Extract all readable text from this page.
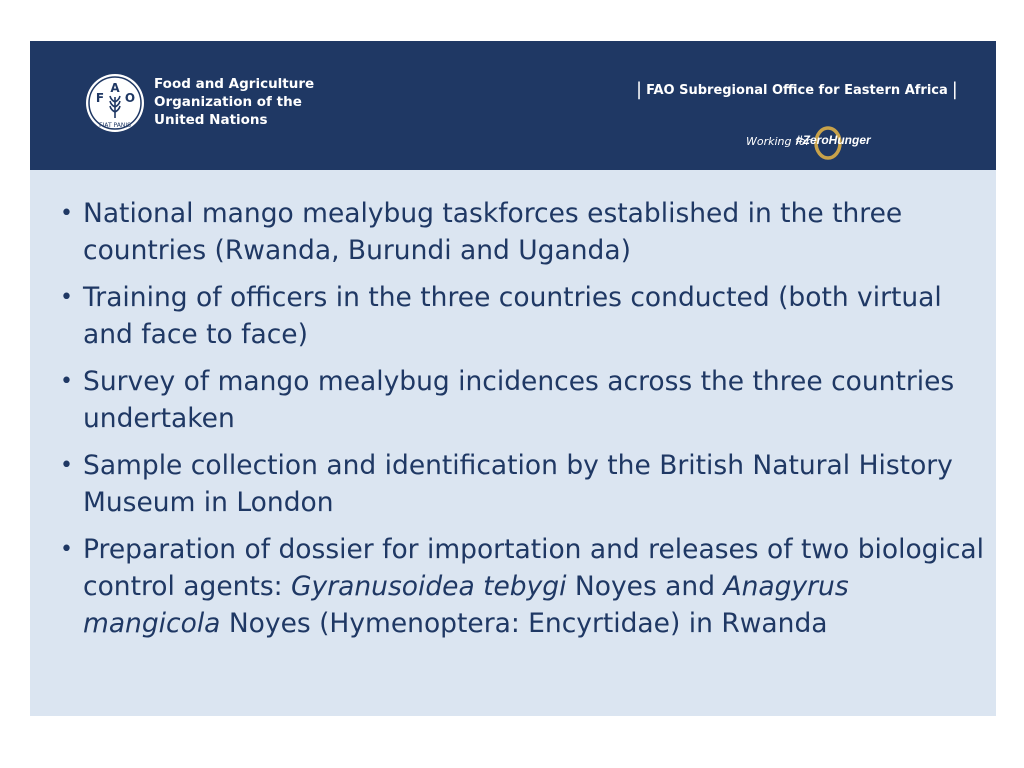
F
A
O
FIAT PANIS
Food and Agriculture
Organization of the
United Nations
| FAO Subregional Office for Eastern Africa |
Working for
#ZeroHunger
• National mango mealybug taskforces established in the three countries (Rwanda, Burundi and Uganda)
• Training of officers in the three countries conducted (both virtual and face to face)
• Survey of mango mealybug incidences across the three countries undertaken
• Sample collection and identification by the British Natural History Museum in London
• Preparation of dossier for importation and releases of two biological control agents: Gyranusoidea tebygi Noyes and Anagyrus mangicola Noyes (Hymenoptera: Encyrtidae) in Rwanda
